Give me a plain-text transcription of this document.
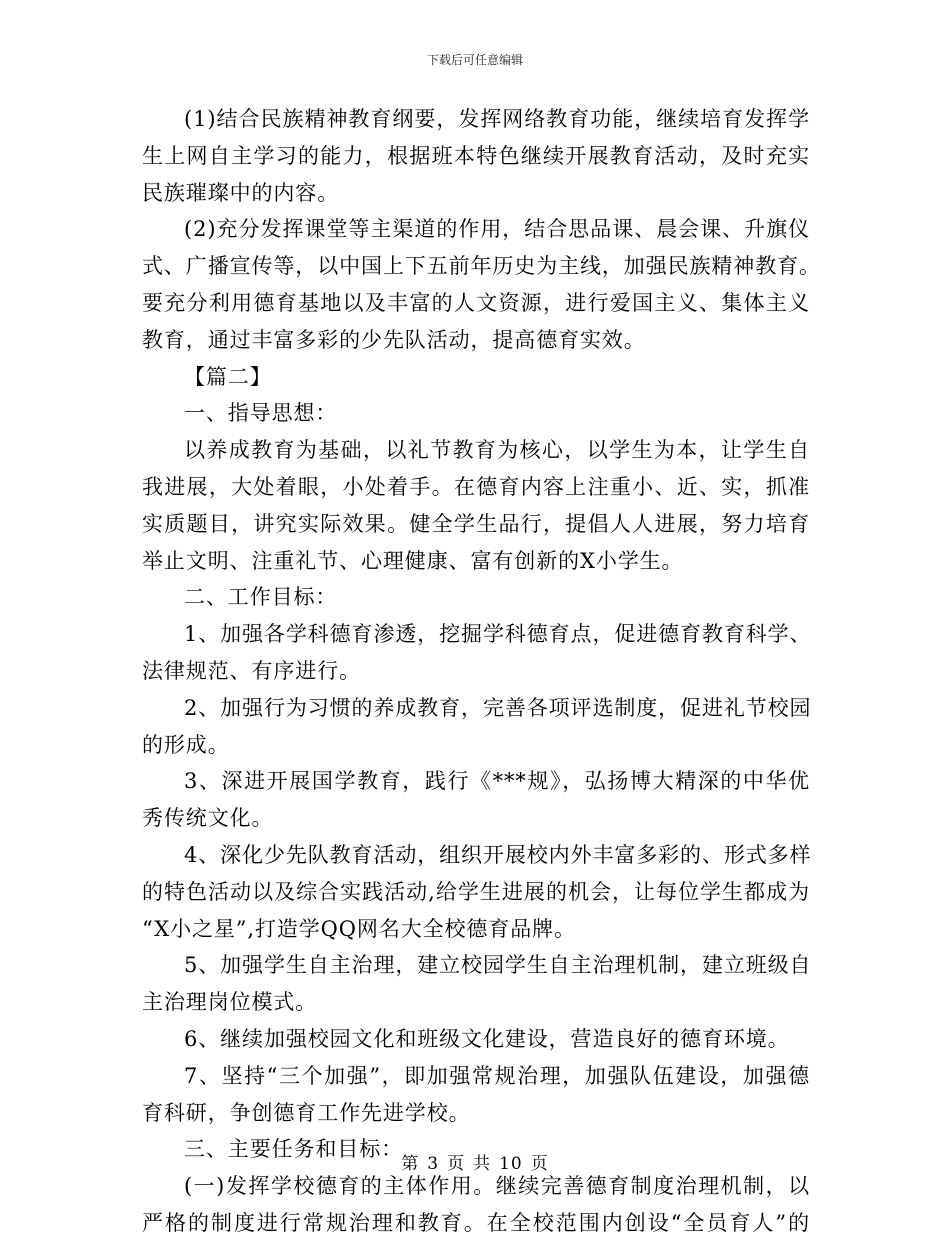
下载后可任意编辑
(1)结合民族精神教育纲要，发挥网络教育功能，继续培育发挥学
生上网自主学习的能力，根据班本特色继续开展教育活动，及时充实
民族璀璨中的内容。
(2)充分发挥课堂等主渠道的作用，结合思品课、晨会课、升旗仪
式、广播宣传等，以中国上下五前年历史为主线，加强民族精神教育。
要充分利用德育基地以及丰富的人文资源，进行爱国主义、集体主义
教育，通过丰富多彩的少先队活动，提高德育实效。
【篇二】
一、指导思想：
以养成教育为基础，以礼节教育为核心，以学生为本，让学生自
我进展，大处着眼，小处着手。在德育内容上注重小、近、实，抓准
实质题目，讲究实际效果。健全学生品行，提倡人人进展，努力培育
举止文明、注重礼节、心理健康、富有创新的X小学生。
二、工作目标：
1、加强各学科德育渗透，挖掘学科德育点，促进德育教育科学、
法律规范、有序进行。
2、加强行为习惯的养成教育，完善各项评选制度，促进礼节校园
的形成。
3、深进开展国学教育，践行《***规》，弘扬博大精深的中华优
秀传统文化。
4、深化少先队教育活动，组织开展校内外丰富多彩的、形式多样
的特色活动以及综合实践活动,给学生进展的机会，让每位学生都成为
“X小之星”,打造学QQ网名大全校德育品牌。
5、加强学生自主治理，建立校园学生自主治理机制，建立班级自
主治理岗位模式。
6、继续加强校园文化和班级文化建设，营造良好的德育环境。
7、坚持“三个加强”，即加强常规治理，加强队伍建设，加强德
育科研，争创德育工作先进学校。
三、主要任务和目标：
(一)发挥学校德育的主体作用。继续完善德育制度治理机制，以
严格的制度进行常规治理和教育。在全校范围内创设“全员育人”的
第 3 页 共 10 页
